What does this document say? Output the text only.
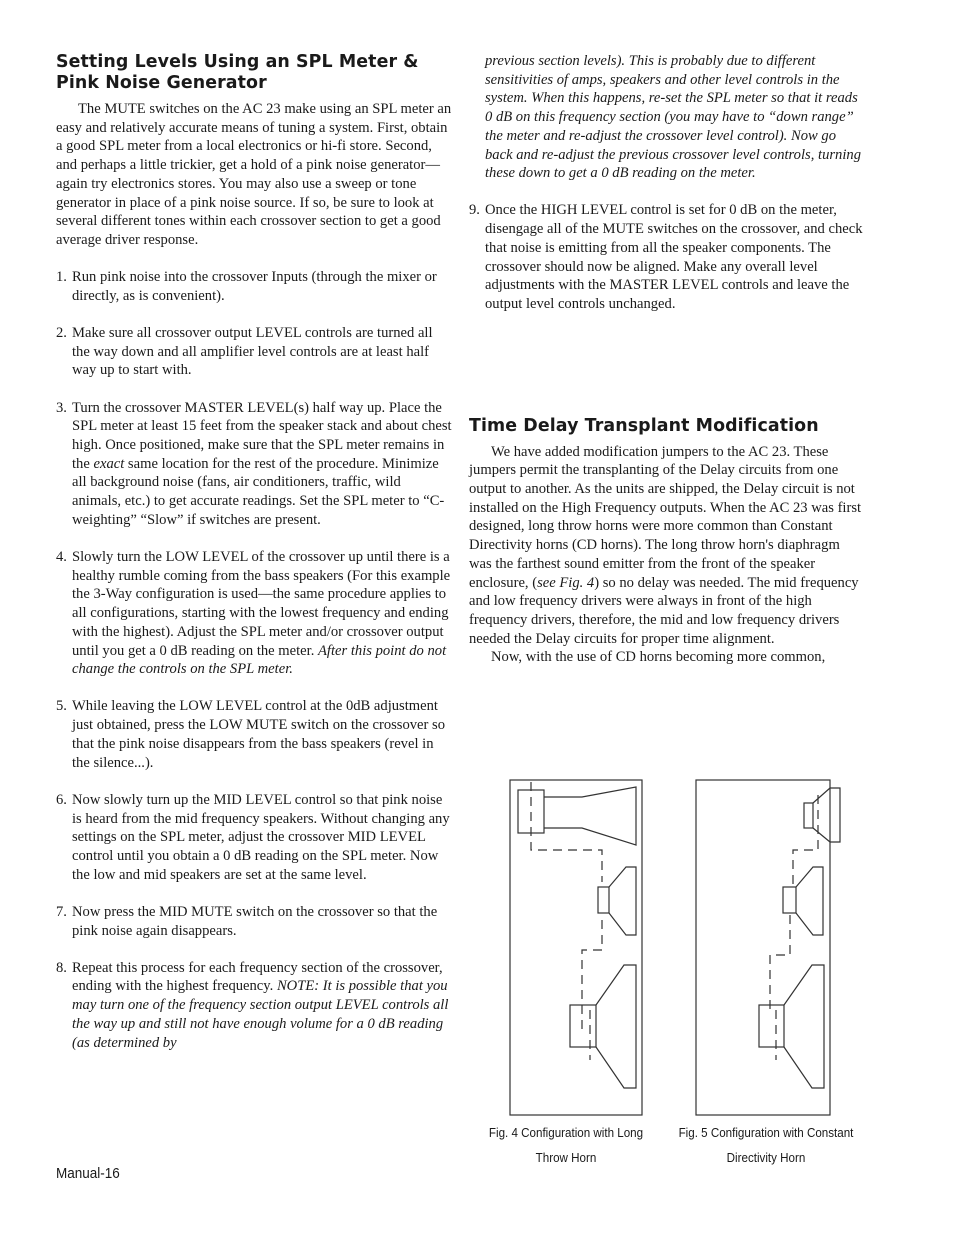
Setting Levels Using an SPL Meter & Pink Noise Generator

The MUTE switches on the AC 23 make using an SPL meter an easy and relatively accurate means of tuning a system. First, obtain a good SPL meter from a local electronics or hi-fi store. Second, and perhaps a little trickier, get a hold of a pink noise generator—again try electronics stores. You may also use a sweep or tone generator in place of a pink noise source. If so, be sure to look at several different tones within each crossover section to get a good average driver response.

1. Run pink noise into the crossover Inputs (through the mixer or directly, as is convenient).
2. Make sure all crossover output LEVEL controls are turned all the way down and all amplifier level controls are at least half way up to start with.
3. Turn the crossover MASTER LEVEL(s) half way up. Place the SPL meter at least 15 feet from the speaker stack and about chest high. Once positioned, make sure that the SPL meter remains in the exact same location for the rest of the procedure. Minimize all background noise (fans, air conditioners, traffic, wild animals, etc.) to get accurate readings. Set the SPL meter to “C-weighting” “Slow” if switches are present.
4. Slowly turn the LOW LEVEL of the crossover up until there is a healthy rumble coming from the bass speakers (For this example the 3-Way configuration is used—the same procedure applies to all configurations, starting with the lowest frequency and ending with the highest). Adjust the SPL meter and/or crossover output until you get a 0 dB reading on the meter. After this point do not change the controls on the SPL meter.
5. While leaving the LOW LEVEL control at the 0dB adjustment just obtained, press the LOW MUTE switch on the crossover so that the pink noise disappears from the bass speakers (revel in the silence...).
6. Now slowly turn up the MID LEVEL control so that pink noise is heard from the mid frequency speakers. Without changing any settings on the SPL meter, adjust the crossover MID LEVEL control until you obtain a 0 dB reading on the SPL meter. Now the low and mid speakers are set at the same level.
7. Now press the MID MUTE switch on the crossover so that the pink noise again disappears.
8. Repeat this process for each frequency section of the crossover, ending with the highest frequency. NOTE: It is possible that you may turn one of the frequency section output LEVEL controls all the way up and still not have enough volume for a 0 dB reading (as determined by

previous section levels). This is probably due to different sensitivities of amps, speakers and other level controls in the system. When this happens, re-set the SPL meter so that it reads 0 dB on this frequency section (you may have to “down range” the meter and re-adjust the crossover level control). Now go back and re-adjust the previous crossover level controls, turning these down to get a 0 dB reading on the meter.

9. Once the HIGH LEVEL control is set for 0 dB on the meter, disengage all of the MUTE switches on the crossover, and check that noise is emitting from all the speaker components. The crossover should now be aligned. Make any overall level adjustments with the MASTER LEVEL controls and leave the output level controls unchanged.
Time Delay Transplant Modification

We have added modification jumpers to the AC 23. These jumpers permit the transplanting of the Delay circuits from one output to another. As the units are shipped, the Delay circuit is not installed on the High Frequency outputs. When the AC 23 was first designed, long throw horns were more common than Constant Directivity horns (CD horns). The long throw horn's diaphragm was the farthest sound emitter from the front of the speaker enclosure, (see Fig. 4) so no delay was needed. The mid frequency and low frequency drivers were always in front of the high frequency drivers, therefore, the mid and low frequency drivers needed the Delay circuits for proper time alignment.

Now, with the use of CD horns becoming more common,

Fig. 4 Configuration with Long
Throw Horn
Fig. 5 Configuration with Constant
Directivity Horn
Manual-16
